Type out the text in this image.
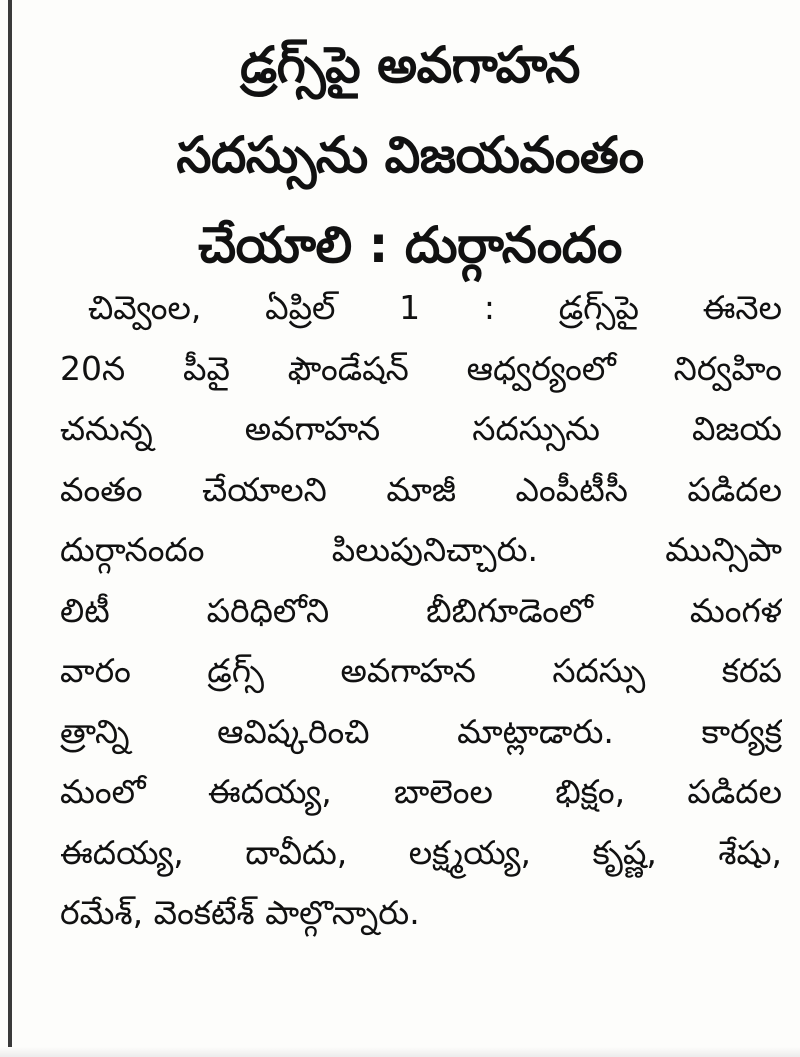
డ్రగ్స్‌పై అవగాహన
సదస్సును విజయవంతం
చేయాలి : దుర్గానందం
చివ్వెంల, ఏప్రిల్ 1 : డ్రగ్స్‌పై ఈనెల
20న పీవై ఫౌండేషన్ ఆధ్వర్యంలో నిర్వహిం
చనున్న అవగాహన సదస్సును విజయ
వంతం చేయాలని మాజీ ఎంపీటీసీ పడిదల
దుర్గానందం పిలుపునిచ్చారు. మున్సిపా
లిటీ పరిధిలోని బీబిగూడెంలో మంగళ
వారం డ్రగ్స్ అవగాహన సదస్సు కరప
త్రాన్ని ఆవిష్కరించి మాట్లాడారు. కార్యక్ర
మంలో ఈదయ్య, బాలెంల భిక్షం, పడిదల
ఈదయ్య, దావీదు, లక్ష్మయ్య, కృష్ణ, శేషు,
రమేశ్, వెంకటేశ్ పాల్గొన్నారు.
